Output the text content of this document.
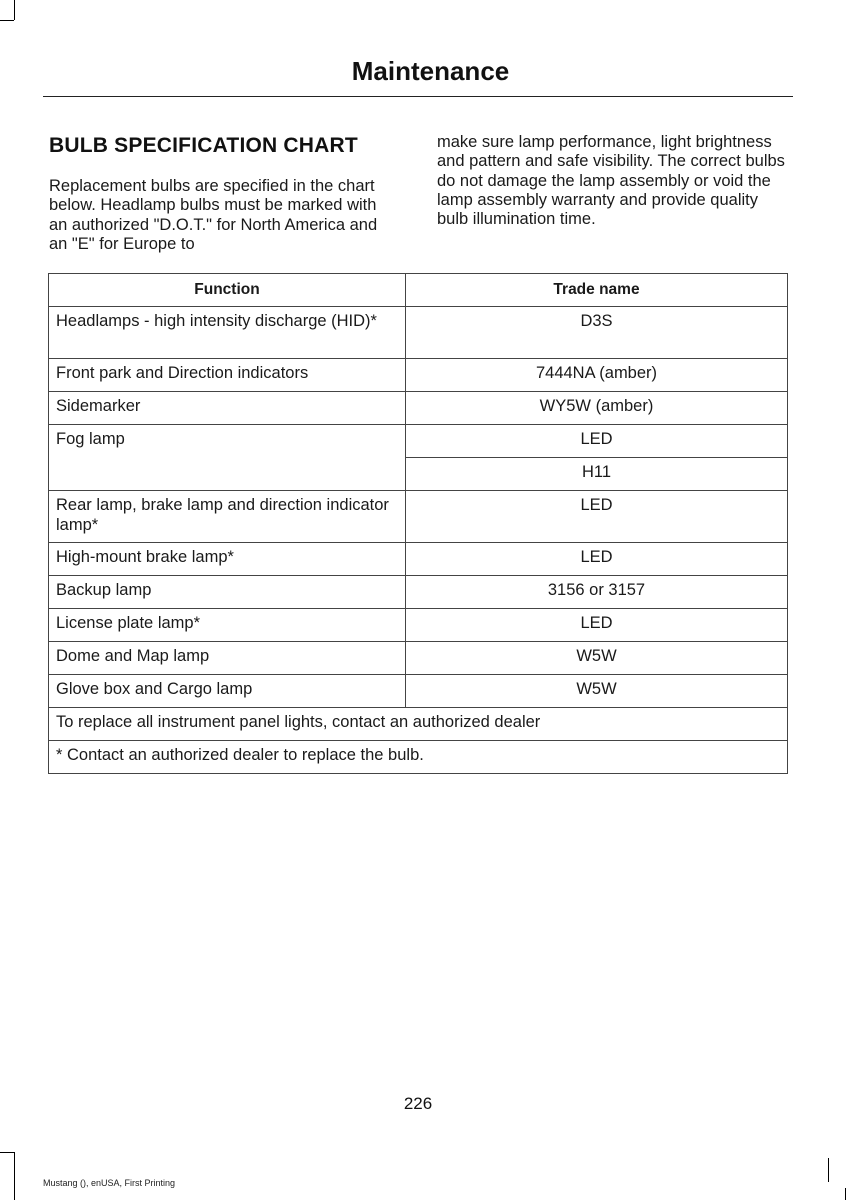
Maintenance
BULB SPECIFICATION CHART
Replacement bulbs are specified in the chart below. Headlamp bulbs must be marked with an authorized "D.O.T." for North America and an "E" for Europe to
make sure lamp performance, light brightness and pattern and safe visibility. The correct bulbs do not damage the lamp assembly or void the lamp assembly warranty and provide quality bulb illumination time.
Function	Trade name
Headlamps - high intensity discharge (HID)*	D3S
Front park and Direction indicators	7444NA (amber)
Sidemarker	WY5W (amber)
Fog lamp	LED
	H11
Rear lamp, brake lamp and direction indicator lamp*	LED
High-mount brake lamp*	LED
Backup lamp	3156 or 3157
License plate lamp*	LED
Dome and Map lamp	W5W
Glove box and Cargo lamp	W5W
To replace all instrument panel lights, contact an authorized dealer	
* Contact an authorized dealer to replace the bulb.	
226
Mustang (), enUSA, First Printing
